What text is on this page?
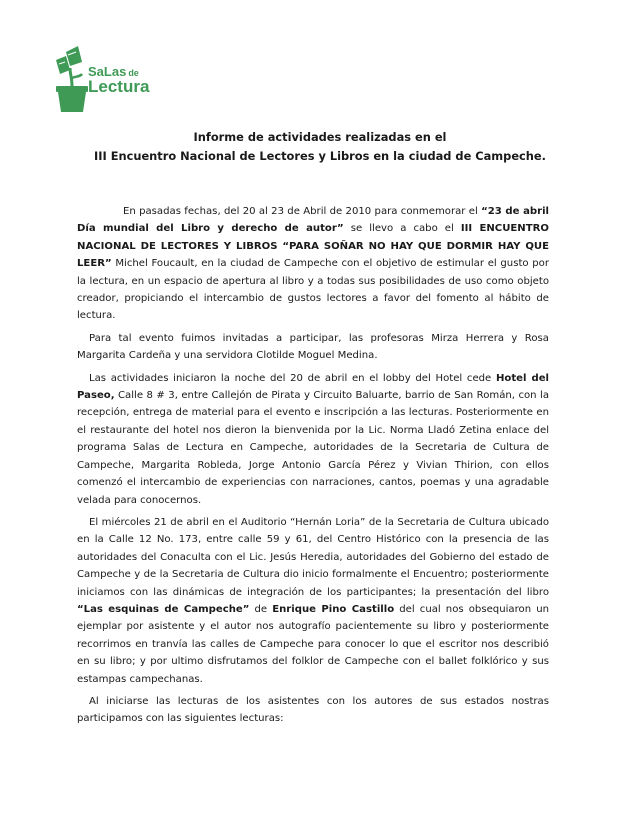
SaLas de
Lectura
Informe de actividades realizadas en el
III Encuentro Nacional de Lectores y Libros en la ciudad de Campeche.

En pasadas fechas, del 20 al 23 de Abril de 2010 para conmemorar el “23 de abril Día mundial del Libro y derecho de autor” se llevo a cabo el III ENCUENTRO NACIONAL DE LECTORES Y LIBROS “PARA SOÑAR NO HAY QUE DORMIR HAY QUE LEER” Michel Foucault, en la ciudad de Campeche con el objetivo de estimular el gusto por la lectura, en un espacio de apertura al libro y a todas sus posibilidades de uso como objeto creador, propiciando el intercambio de gustos lectores a favor del fomento al hábito de lectura.

Para tal evento fuimos invitadas a participar, las profesoras Mirza Herrera y Rosa Margarita Cardeña y una servidora Clotilde Moguel Medina.

Las actividades iniciaron la noche del 20 de abril en el lobby del Hotel cede Hotel del Paseo, Calle 8 # 3, entre Callejón de Pirata y Circuito Baluarte, barrio de San Román, con la recepción, entrega de material para el evento e inscripción a las lecturas. Posteriormente en el restaurante del hotel nos dieron la bienvenida por la Lic. Norma Lladó Zetina enlace del programa Salas de Lectura en Campeche, autoridades de la Secretaria de Cultura de Campeche, Margarita Robleda, Jorge Antonio García Pérez y Vivian Thirion, con ellos comenzó el intercambio de experiencias con narraciones, cantos, poemas y una agradable velada para conocernos.

El miércoles 21 de abril en el Auditorio “Hernán Loria” de la Secretaria de Cultura ubicado en la Calle 12 No. 173, entre calle 59 y 61, del Centro Histórico con la presencia de las autoridades del Conaculta con el Lic. Jesús Heredia, autoridades del Gobierno del estado de Campeche y de la Secretaria de Cultura dio inicio formalmente el Encuentro; posteriormente iniciamos con las dinámicas de integración de los participantes; la presentación del libro “Las esquinas de Campeche” de Enrique Pino Castillo del cual nos obsequiaron un ejemplar por asistente y el autor nos autografío pacientemente su libro y posteriormente recorrimos en tranvía las calles de Campeche para conocer lo que el escritor nos describió en su libro; y por ultimo disfrutamos del folklor de Campeche con el ballet folklórico y sus estampas campechanas.

Al iniciarse las lecturas de los asistentes con los autores de sus estados nostras participamos con las siguientes lecturas:
